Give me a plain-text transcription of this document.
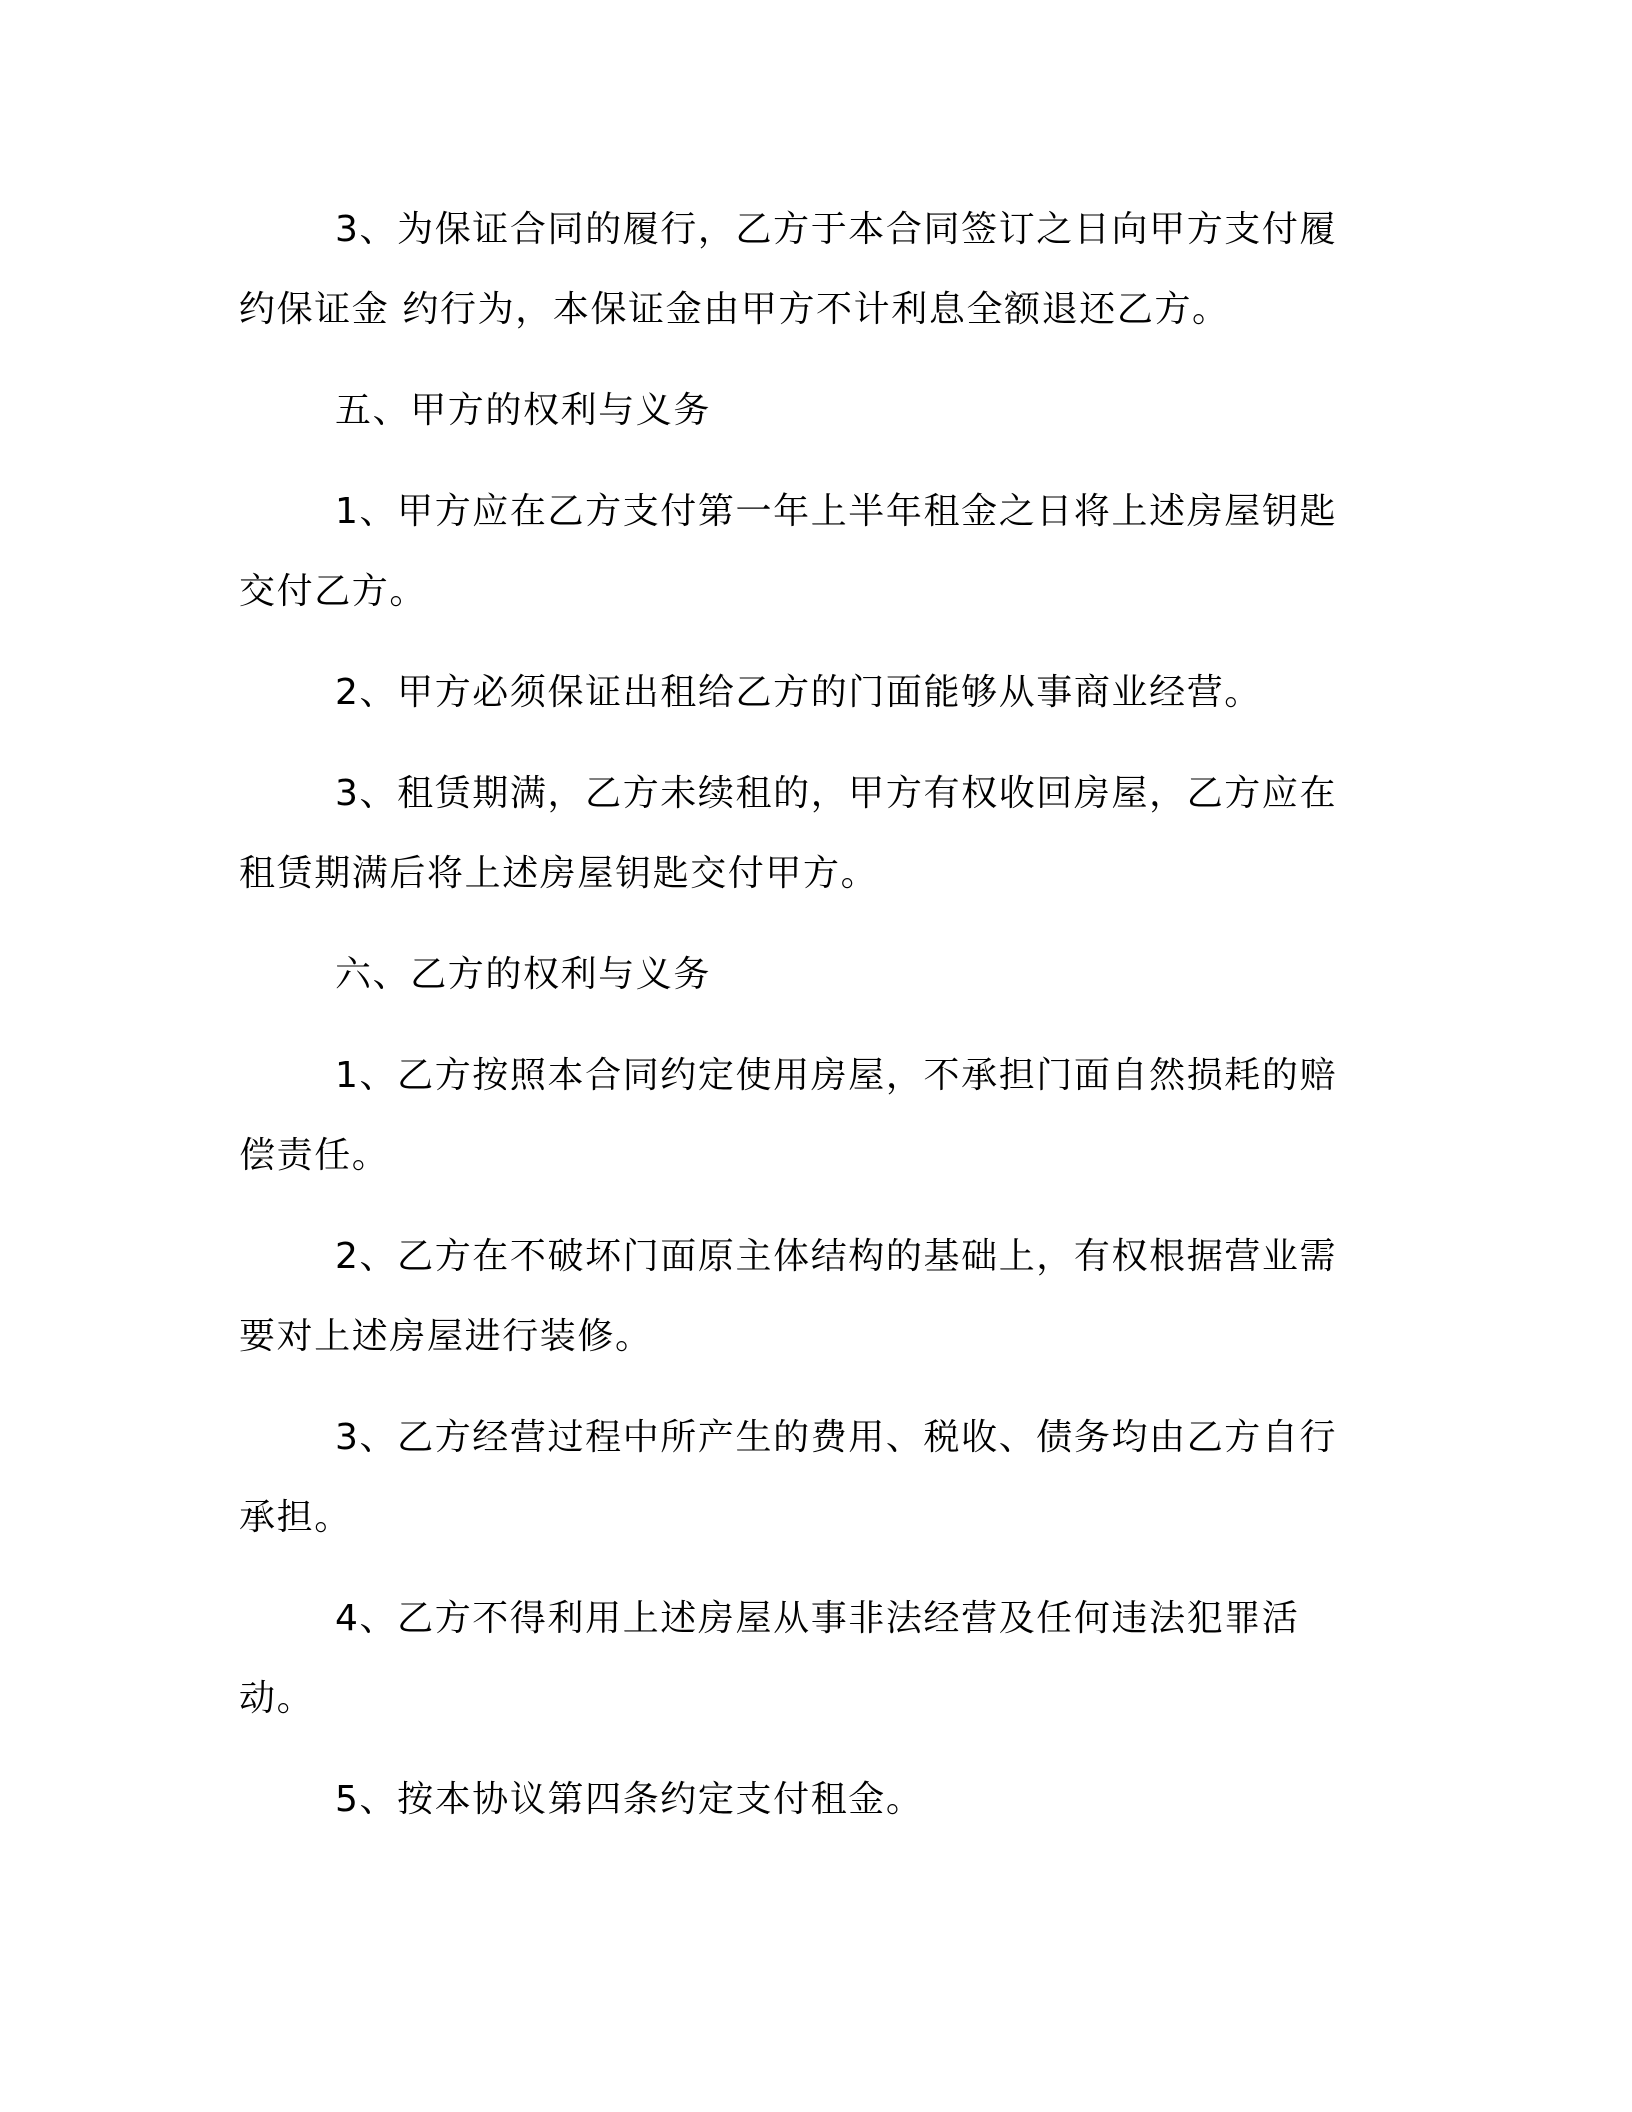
3、为保证合同的履行，乙方于本合同签订之日向甲方支付履约保证金 约行为，本保证金由甲方不计利息全额退还乙方。

五、甲方的权利与义务

1、甲方应在乙方支付第一年上半年租金之日将上述房屋钥匙交付乙方。

2、甲方必须保证出租给乙方的门面能够从事商业经营。

3、租赁期满，乙方未续租的，甲方有权收回房屋，乙方应在租赁期满后将上述房屋钥匙交付甲方。

六、乙方的权利与义务

1、乙方按照本合同约定使用房屋，不承担门面自然损耗的赔偿责任。

2、乙方在不破坏门面原主体结构的基础上，有权根据营业需要对上述房屋进行装修。

3、乙方经营过程中所产生的费用、税收、债务均由乙方自行承担。

4、乙方不得利用上述房屋从事非法经营及任何违法犯罪活动。

5、按本协议第四条约定支付租金。
